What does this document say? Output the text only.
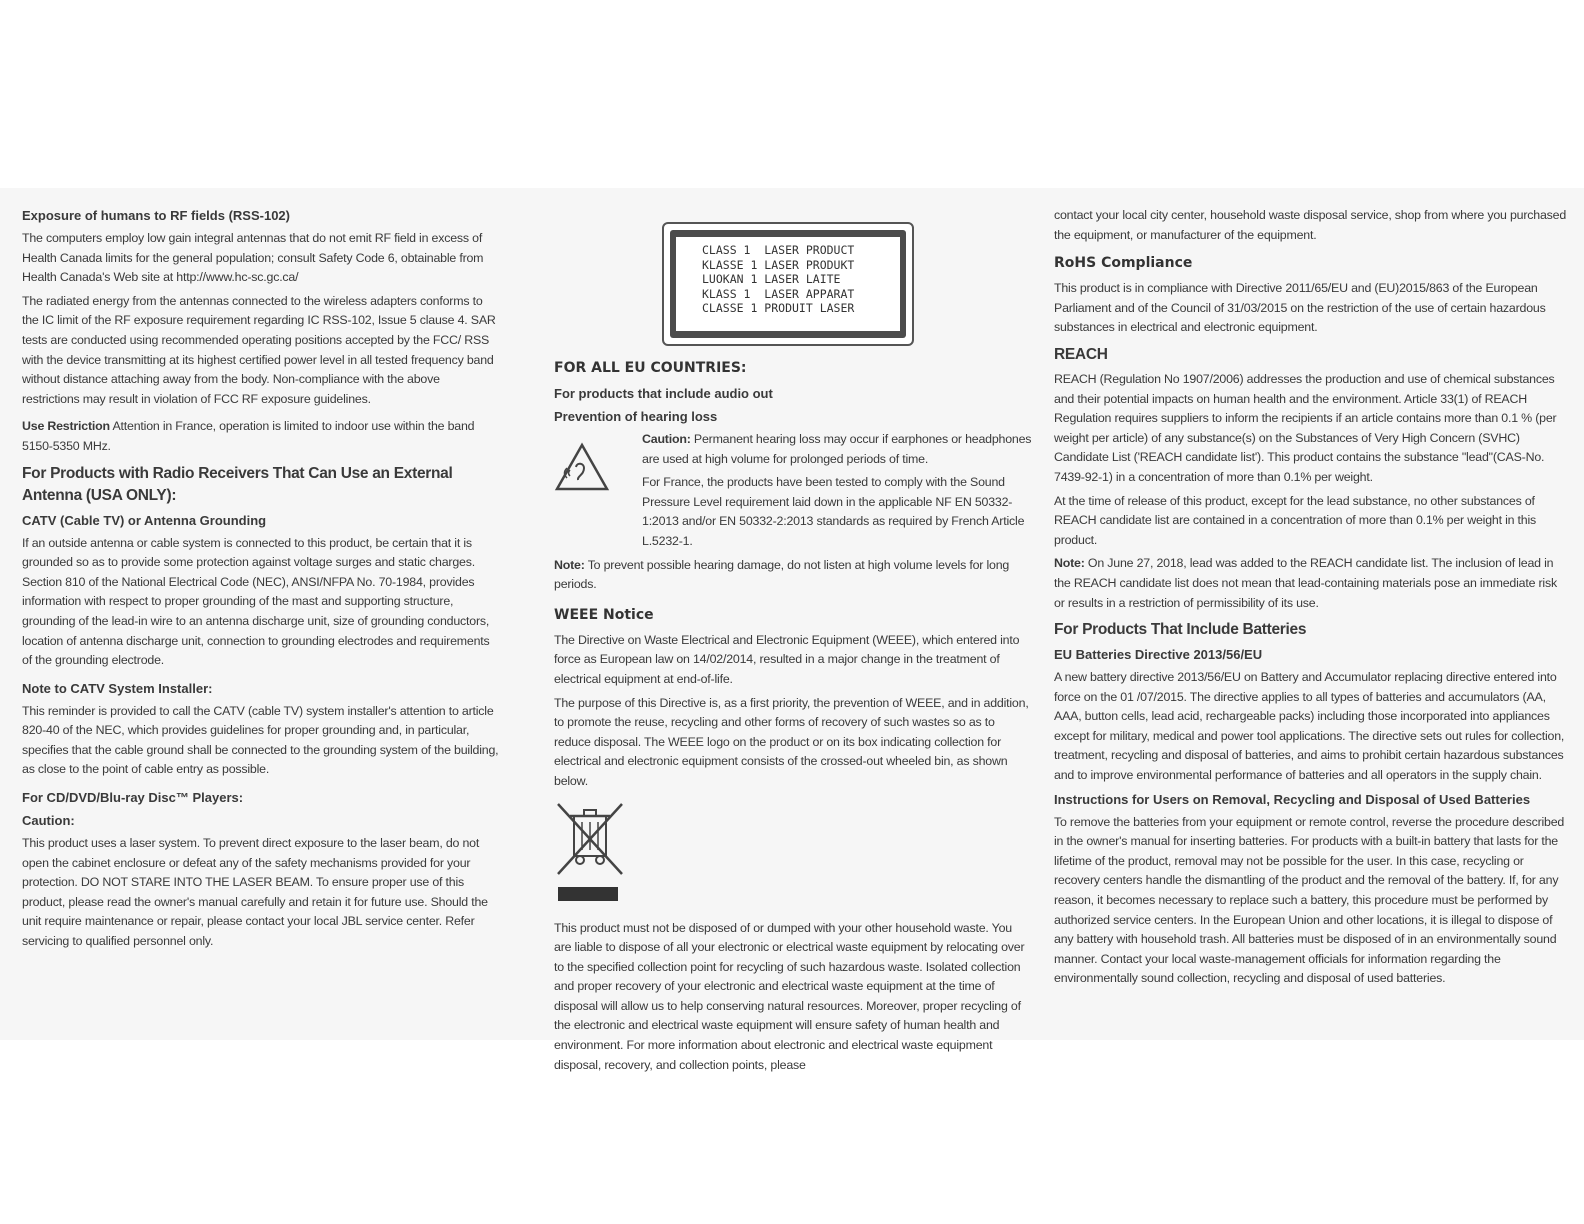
Exposure of humans to RF fields (RSS-102)

The computers employ low gain integral antennas that do not emit RF field in excess of Health Canada limits for the general population; consult Safety Code 6, obtainable from Health Canada's Web site at http://www.hc-sc.gc.ca/

The radiated energy from the antennas connected to the wireless adapters conforms to the IC limit of the RF exposure requirement regarding IC RSS-102, Issue 5 clause 4. SAR tests are conducted using recommended operating positions accepted by the FCC/ RSS with the device transmitting at its highest certified power level in all tested frequency band without distance attaching away from the body. Non-compliance with the above restrictions may result in violation of FCC RF exposure guidelines.

Use Restriction Attention in France, operation is limited to indoor use within the band 5150-5350 MHz.

For Products with Radio Receivers That Can Use an External Antenna (USA ONLY):
CATV (Cable TV) or Antenna Grounding

If an outside antenna or cable system is connected to this product, be certain that it is grounded so as to provide some protection against voltage surges and static charges. Section 810 of the National Electrical Code (NEC), ANSI/NFPA No. 70-1984, provides information with respect to proper grounding of the mast and supporting structure, grounding of the lead-in wire to an antenna discharge unit, size of grounding conductors, location of antenna discharge unit, connection to grounding electrodes and requirements of the grounding electrode.

Note to CATV System Installer:

This reminder is provided to call the CATV (cable TV) system installer's attention to article 820-40 of the NEC, which provides guidelines for proper grounding and, in particular, specifies that the cable ground shall be connected to the grounding system of the building, as close to the point of cable entry as possible.

For CD/DVD/Blu-ray Disc™ Players:
Caution:

This product uses a laser system. To prevent direct exposure to the laser beam, do not open the cabinet enclosure or defeat any of the safety mechanisms provided for your protection. DO NOT STARE INTO THE LASER BEAM. To ensure proper use of this product, please read the owner's manual carefully and retain it for future use. Should the unit require maintenance or repair, please contact your local JBL service center. Refer servicing to qualified personnel only.

CLASS 1  LASER PRODUCT
KLASSE 1 LASER PRODUKT
LUOKAN 1 LASER LAITE
KLASS 1  LASER APPARAT
CLASSE 1 PRODUIT LASER
FOR ALL EU COUNTRIES:
For products that include audio out
Prevention of hearing loss

Caution: Permanent hearing loss may occur if earphones or headphones are used at high volume for prolonged periods of time.

For France, the products have been tested to comply with the Sound Pressure Level requirement laid down in the applicable NF EN 50332-1:2013 and/or EN 50332-2:2013 standards as required by French Article L.5232-1.

Note: To prevent possible hearing damage, do not listen at high volume levels for long periods.

WEEE Notice

The Directive on Waste Electrical and Electronic Equipment (WEEE), which entered into force as European law on 14/02/2014, resulted in a major change in the treatment of electrical equipment at end-of-life.

The purpose of this Directive is, as a first priority, the prevention of WEEE, and in addition, to promote the reuse, recycling and other forms of recovery of such wastes so as to reduce disposal. The WEEE logo on the product or on its box indicating collection for electrical and electronic equipment consists of the crossed-out wheeled bin, as shown below.

This product must not be disposed of or dumped with your other household waste. You are liable to dispose of all your electronic or electrical waste equipment by relocating over to the specified collection point for recycling of such hazardous waste. Isolated collection and proper recovery of your electronic and electrical waste equipment at the time of disposal will allow us to help conserving natural resources. Moreover, proper recycling of the electronic and electrical waste equipment will ensure safety of human health and environment. For more information about electronic and electrical waste equipment disposal, recovery, and collection points, please

contact your local city center, household waste disposal service, shop from where you purchased the equipment, or manufacturer of the equipment.

RoHS Compliance

This product is in compliance with Directive 2011/65/EU and (EU)2015/863 of the European Parliament and of the Council of 31/03/2015 on the restriction of the use of certain hazardous substances in electrical and electronic equipment.

REACH

REACH (Regulation No 1907/2006) addresses the production and use of chemical substances and their potential impacts on human health and the environment. Article 33(1) of REACH Regulation requires suppliers to inform the recipients if an article contains more than 0.1 % (per weight per article) of any substance(s) on the Substances of Very High Concern (SVHC) Candidate List ('REACH candidate list'). This product contains the substance "lead"(CAS-No. 7439-92-1) in a concentration of more than 0.1% per weight.

At the time of release of this product, except for the lead substance, no other substances of REACH candidate list are contained in a concentration of more than 0.1% per weight in this product.

Note: On June 27, 2018, lead was added to the REACH candidate list. The inclusion of lead in the REACH candidate list does not mean that lead-containing materials pose an immediate risk or results in a restriction of permissibility of its use.

For Products That Include Batteries
EU Batteries Directive 2013/56/EU

A new battery directive 2013/56/EU on Battery and Accumulator replacing directive entered into force on the 01 /07/2015. The directive applies to all types of batteries and accumulators (AA, AAA, button cells, lead acid, rechargeable packs) including those incorporated into appliances except for military, medical and power tool applications. The directive sets out rules for collection, treatment, recycling and disposal of batteries, and aims to prohibit certain hazardous substances and to improve environmental performance of batteries and all operators in the supply chain.

Instructions for Users on Removal, Recycling and Disposal of Used Batteries

To remove the batteries from your equipment or remote control, reverse the procedure described in the owner's manual for inserting batteries. For products with a built-in battery that lasts for the lifetime of the product, removal may not be possible for the user. In this case, recycling or recovery centers handle the dismantling of the product and the removal of the battery. If, for any reason, it becomes necessary to replace such a battery, this procedure must be performed by authorized service centers. In the European Union and other locations, it is illegal to dispose of any battery with household trash. All batteries must be disposed of in an environmentally sound manner. Contact your local waste-management officials for information regarding the environmentally sound collection, recycling and disposal of used batteries.
